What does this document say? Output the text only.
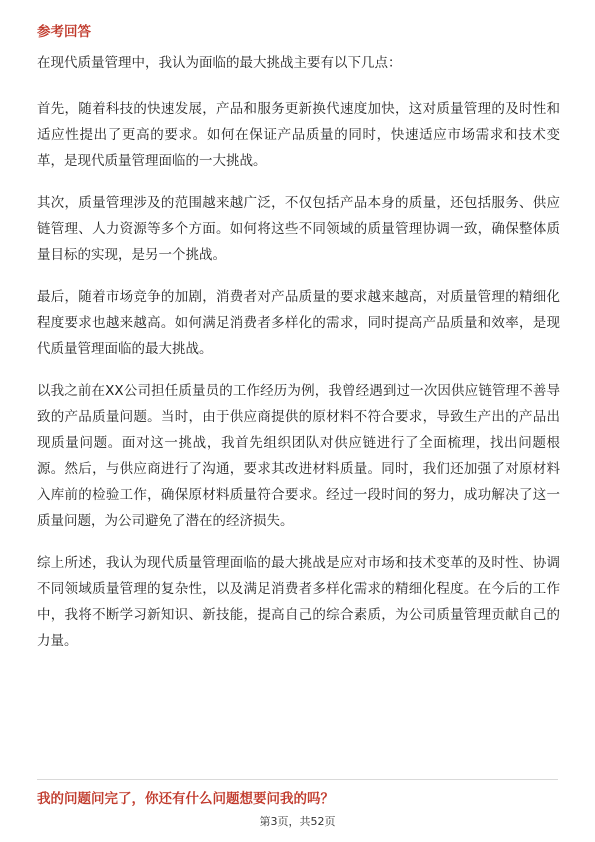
参考回答

在现代质量管理中，我认为面临的最大挑战主要有以下几点：

首先，随着科技的快速发展，产品和服务更新换代速度加快，这对质量管理的及时性和适应性提出了更高的要求。如何在保证产品质量的同时，快速适应市场需求和技术变革，是现代质量管理面临的一大挑战。

其次，质量管理涉及的范围越来越广泛，不仅包括产品本身的质量，还包括服务、供应链管理、人力资源等多个方面。如何将这些不同领域的质量管理协调一致，确保整体质量目标的实现，是另一个挑战。

最后，随着市场竞争的加剧，消费者对产品质量的要求越来越高，对质量管理的精细化程度要求也越来越高。如何满足消费者多样化的需求，同时提高产品质量和效率，是现代质量管理面临的最大挑战。

以我之前在XX公司担任质量员的工作经历为例，我曾经遇到过一次因供应链管理不善导致的产品质量问题。当时，由于供应商提供的原材料不符合要求，导致生产出的产品出现质量问题。面对这一挑战，我首先组织团队对供应链进行了全面梳理，找出问题根源。然后，与供应商进行了沟通，要求其改进材料质量。同时，我们还加强了对原材料入库前的检验工作，确保原材料质量符合要求。经过一段时间的努力，成功解决了这一质量问题，为公司避免了潜在的经济损失。

综上所述，我认为现代质量管理面临的最大挑战是应对市场和技术变革的及时性、协调不同领域质量管理的复杂性，以及满足消费者多样化需求的精细化程度。在今后的工作中，我将不断学习新知识、新技能，提高自己的综合素质，为公司质量管理贡献自己的力量。

我的问题问完了，你还有什么问题想要问我的吗？
第3页，共52页
